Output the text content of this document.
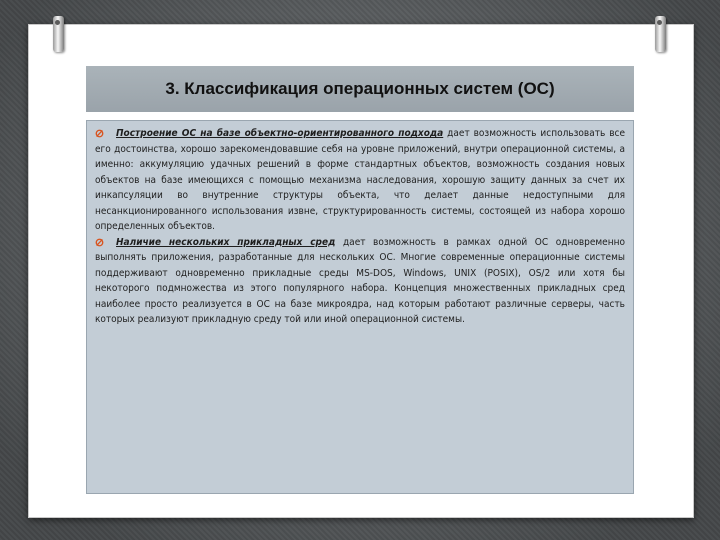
3. Классификация операционных систем (ОС)

Построение ОС на базе объектно-ориентированного подхода дает возможность использовать все его достоинства, хорошо зарекомендовавшие себя на уровне приложений, внутри операционной системы, а именно: аккумуляцию удачных решений в форме стандартных объектов, возможность создания новых объектов на базе имеющихся с помощью механизма наследования, хорошую защиту данных за счет их инкапсуляции во внутренние структуры объекта, что делает данные недоступными для несанкционированного использования извне, структурированность системы, состоящей из набора хорошо определенных объектов.

Наличие нескольких прикладных сред дает возможность в рамках одной ОС одновременно выполнять приложения, разработанные для нескольких ОС. Многие современные операционные системы поддерживают одновременно прикладные среды MS-DOS, Windows, UNIX (POSIX), OS/2 или хотя бы некоторого подмножества из этого популярного набора. Концепция множественных прикладных сред наиболее просто реализуется в ОС на базе микроядра, над которым работают различные серверы, часть которых реализуют прикладную среду той или иной операционной системы.
